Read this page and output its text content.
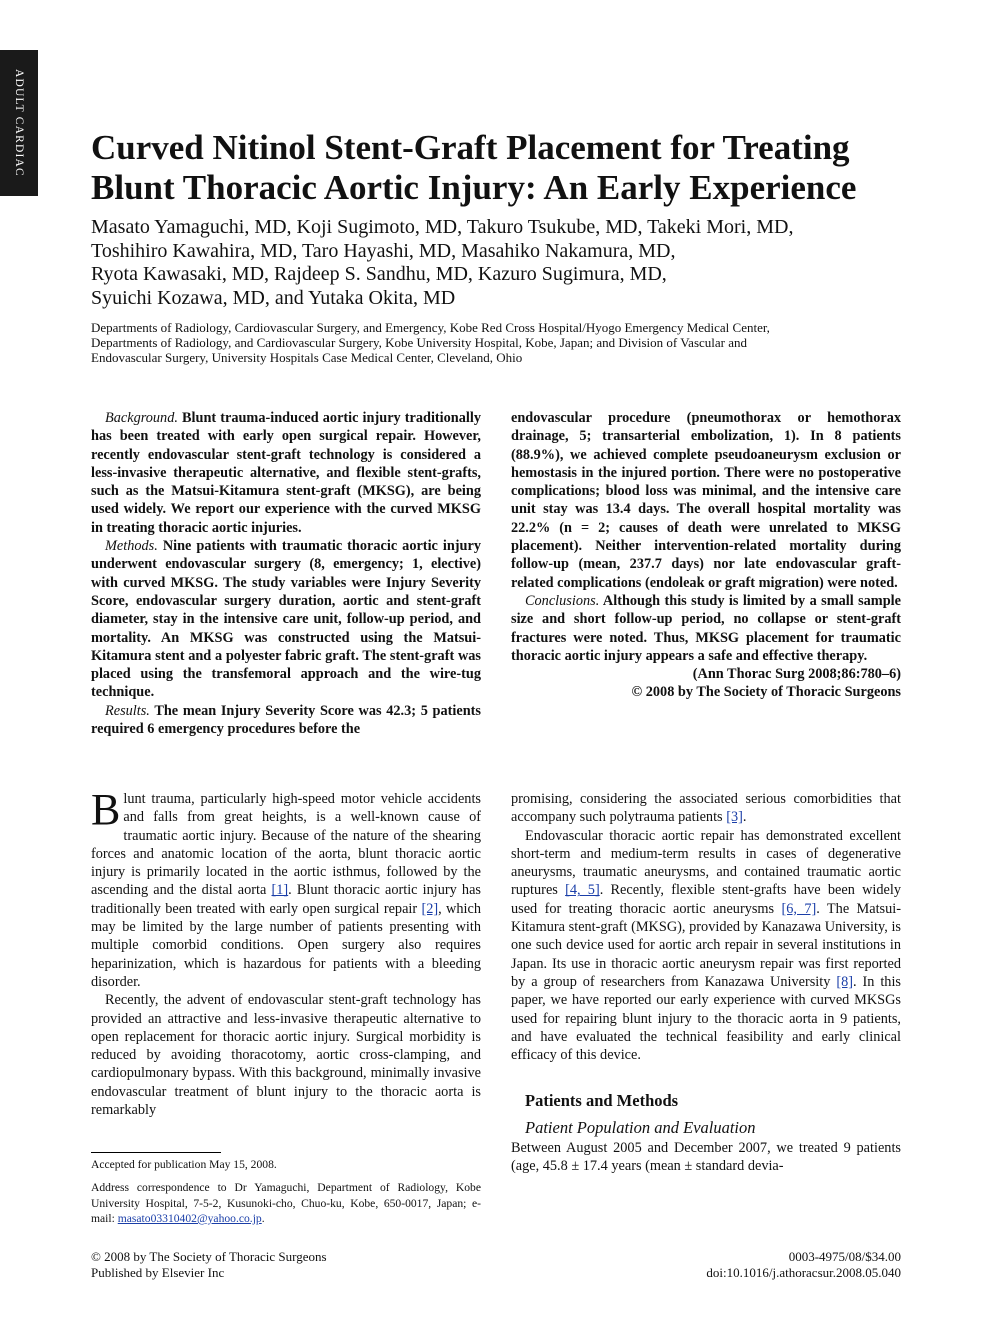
ADULT CARDIAC Curved Nitinol Stent-Graft Placement for Treating
Blunt Thoracic Aortic Injury: An Early Experience
Masato Yamaguchi, MD, Koji Sugimoto, MD, Takuro Tsukube, MD, Takeki Mori, MD,
Toshihiro Kawahira, MD, Taro Hayashi, MD, Masahiko Nakamura, MD,
Ryota Kawasaki, MD, Rajdeep S. Sandhu, MD, Kazuro Sugimura, MD,
Syuichi Kozawa, MD, and Yutaka Okita, MD
Departments of Radiology, Cardiovascular Surgery, and Emergency, Kobe Red Cross Hospital/Hyogo Emergency Medical Center,
Departments of Radiology, and Cardiovascular Surgery, Kobe University Hospital, Kobe, Japan; and Division of Vascular and
Endovascular Surgery, University Hospitals Case Medical Center, Cleveland, Ohio

Background. Blunt trauma-induced aortic injury traditionally has been treated with early open surgical repair. However, recently endovascular stent-graft technology is considered a less-invasive therapeutic alternative, and flexible stent-grafts, such as the Matsui-Kitamura stent-graft (MKSG), are being used widely. We report our experience with the curved MKSG in treating thoracic aortic injuries.

Methods. Nine patients with traumatic thoracic aortic injury underwent endovascular surgery (8, emergency; 1, elective) with curved MKSG. The study variables were Injury Severity Score, endovascular surgery duration, aortic and stent-graft diameter, stay in the intensive care unit, follow-up period, and mortality. An MKSG was constructed using the Matsui-Kitamura stent and a polyester fabric graft. The stent-graft was placed using the transfemoral approach and the wire-tug technique.

Results. The mean Injury Severity Score was 42.3; 5 patients required 6 emergency procedures before the

endovascular procedure (pneumothorax or hemothorax drainage, 5; transarterial embolization, 1). In 8 patients (88.9%), we achieved complete pseudoaneurysm exclusion or hemostasis in the injured portion. There were no postoperative complications; blood loss was minimal, and the intensive care unit stay was 13.4 days. The overall hospital mortality was 22.2% (n = 2; causes of death were unrelated to MKSG placement). Neither intervention-related mortality during follow-up (mean, 237.7 days) nor late endovascular graft-related complications (endoleak or graft migration) were noted.

Conclusions. Although this study is limited by a small sample size and short follow-up period, no collapse or stent-graft fractures were noted. Thus, MKSG placement for traumatic thoracic aortic injury appears a safe and effective therapy.

(Ann Thorac Surg 2008;86:780–6)

© 2008 by The Society of Thoracic Surgeons

Blunt trauma, particularly high-speed motor vehicle accidents and falls from great heights, is a well-known cause of traumatic aortic injury. Because of the nature of the shearing forces and anatomic location of the aorta, blunt thoracic aortic injury is primarily located in the aortic isthmus, followed by the ascending and the distal aorta [1]. Blunt thoracic aortic injury has traditionally been treated with early open surgical repair [2], which may be limited by the large number of patients presenting with multiple comorbid conditions. Open surgery also requires heparinization, which is hazardous for patients with a bleeding disorder.

Recently, the advent of endovascular stent-graft technology has provided an attractive and less-invasive therapeutic alternative to open replacement for thoracic aortic injury. Surgical morbidity is reduced by avoiding thoracotomy, aortic cross-clamping, and cardiopulmonary bypass. With this background, minimally invasive endovascular treatment of blunt injury to the thoracic aorta is remarkably

promising, considering the associated serious comorbidities that accompany such polytrauma patients [3].

Endovascular thoracic aortic repair has demonstrated excellent short-term and medium-term results in cases of degenerative aneurysms, traumatic aneurysms, and contained traumatic aortic ruptures [4, 5]. Recently, flexible stent-grafts have been widely used for treating thoracic aortic aneurysms [6, 7]. The Matsui-Kitamura stent-graft (MKSG), provided by Kanazawa University, is one such device used for aortic arch repair in several institutions in Japan. Its use in thoracic aortic aneurysm repair was first reported by a group of researchers from Kanazawa University [8]. In this paper, we have reported our early experience with curved MKSGs used for repairing blunt injury to the thoracic aorta in 9 patients, and have evaluated the technical feasibility and early clinical efficacy of this device.

Patients and Methods

Patient Population and Evaluation

Between August 2005 and December 2007, we treated 9 patients (age, 45.8 ± 17.4 years (mean ± standard devia-

Accepted for publication May 15, 2008.
Address correspondence to Dr Yamaguchi, Department of Radiology, Kobe University Hospital, 7-5-2, Kusunoki-cho, Chuo-ku, Kobe, 650-0017, Japan; e-mail: masato03310402@yahoo.co.jp.
© 2008 by The Society of Thoracic Surgeons
Published by Elsevier Inc
0003-4975/08/$34.00
doi:10.1016/j.athoracsur.2008.05.040
